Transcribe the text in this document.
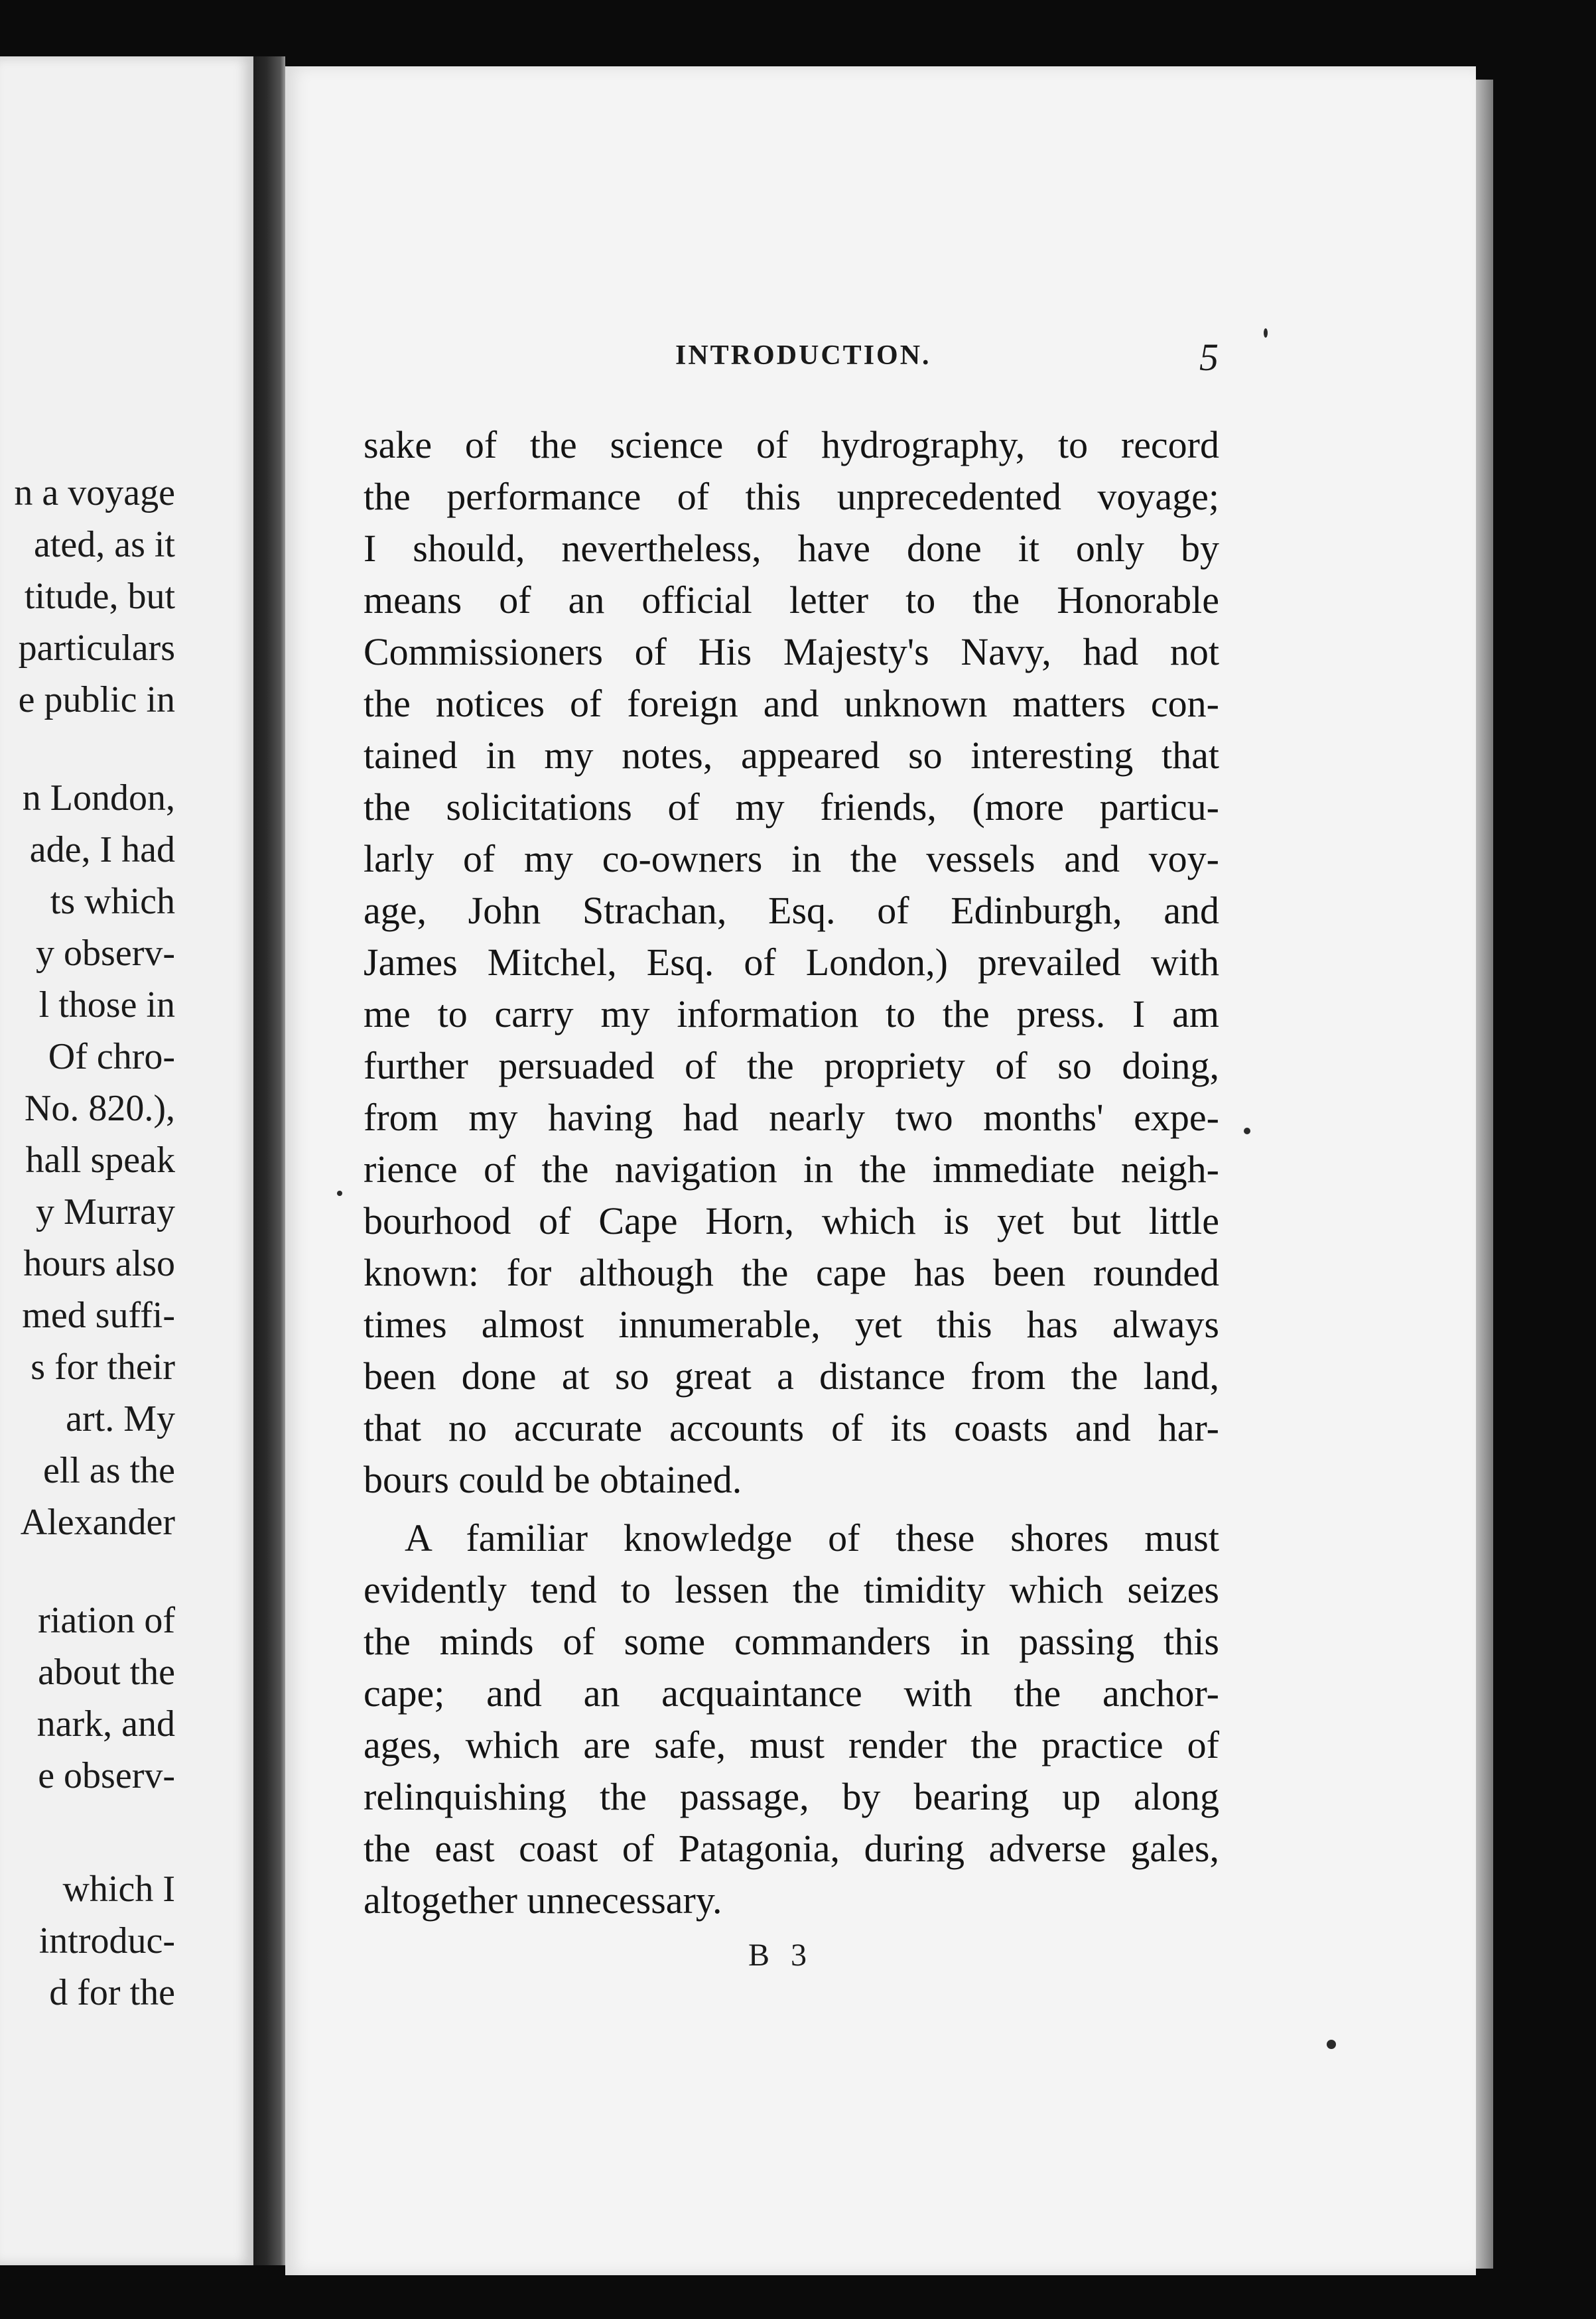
n a voyage
ated, as it
titude, but
particulars
e public in
n London,
ade, I had
ts which
y observ-
l those in
Of chro-
No. 820.),
hall speak
y Murray
hours also
med suffi-
s for their
art. My
ell as the
Alexander
riation of
about the
nark, and
e observ-
which I
introduc-
d for the
INTRODUCTION.	5
sake of the science of hydrography, to record
the performance of this unprecedented voyage;
I should, nevertheless, have done it only by
means of an official letter to the Honorable
Commissioners of His Majesty's Navy, had not
the notices of foreign and unknown matters con-
tained in my notes, appeared so interesting that
the solicitations of my friends, (more particu-
larly of my co-owners in the vessels and voy-
age, John Strachan, Esq. of Edinburgh, and
James Mitchel, Esq. of London,) prevailed with
me to carry my information to the press. I am
further persuaded of the propriety of so doing,
from my having had nearly two months' expe-
rience of the navigation in the immediate neigh-
bourhood of Cape Horn, which is yet but little
known: for although the cape has been rounded
times almost innumerable, yet this has always
been done at so great a distance from the land,
that no accurate accounts of its coasts and har-
bours could be obtained.
A familiar knowledge of these shores must
evidently tend to lessen the timidity which seizes
the minds of some commanders in passing this
cape; and an acquaintance with the anchor-
ages, which are safe, must render the practice of
relinquishing the passage, by bearing up along
the east coast of Patagonia, during adverse gales,
altogether unnecessary.
B 3
